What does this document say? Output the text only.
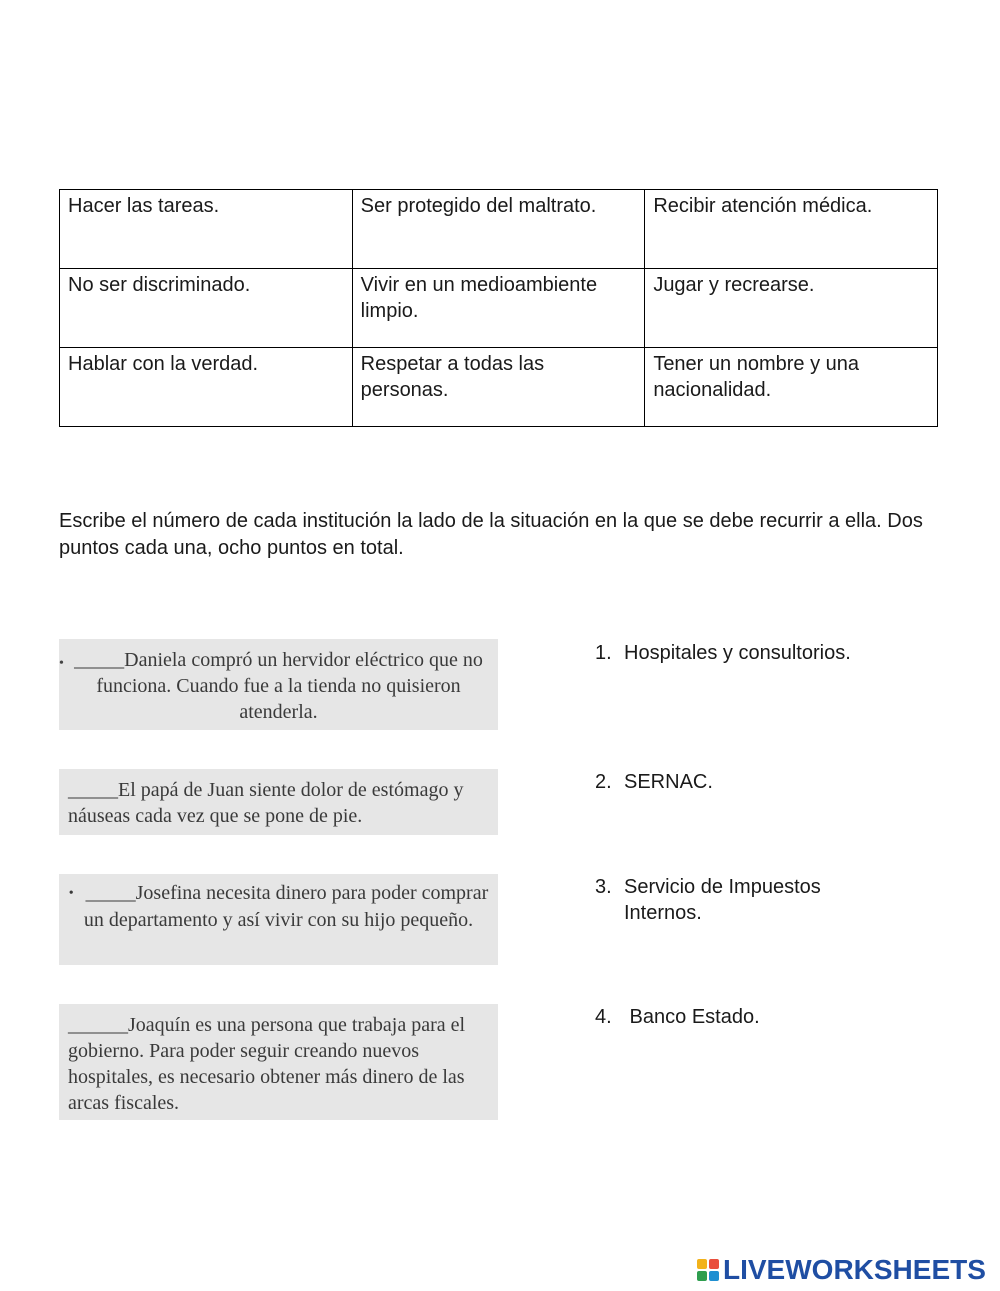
Hacer las tareas.	Ser protegido del maltrato.	Recibir atención médica.
No ser discriminado.	Vivir en un medioambiente limpio.	Jugar y recrearse.
Hablar con la verdad.	Respetar a todas las personas.	Tener un nombre y una nacionalidad.

Escribe el número de cada institución la lado de la situación en la que se debe recurrir a ella. Dos puntos cada una, ocho puntos en total.

• _____Daniela compró un hervidor eléctrico que no funciona. Cuando fue a la tienda no quisieron atenderla.
_____El papá de Juan siente dolor de estómago y náuseas cada vez que se pone de pie.
• _____Josefina necesita dinero para poder comprar un departamento y así vivir con su hijo pequeño.
______Joaquín es una persona que trabaja para el gobierno. Para poder seguir creando nuevos hospitales, es necesario obtener más dinero de las arcas fiscales.
1. Hospitales y consultorios.
2. SERNAC.
3. Servicio de Impuestos Internos.
4. Banco Estado.
LIVEWORKSHEETS
